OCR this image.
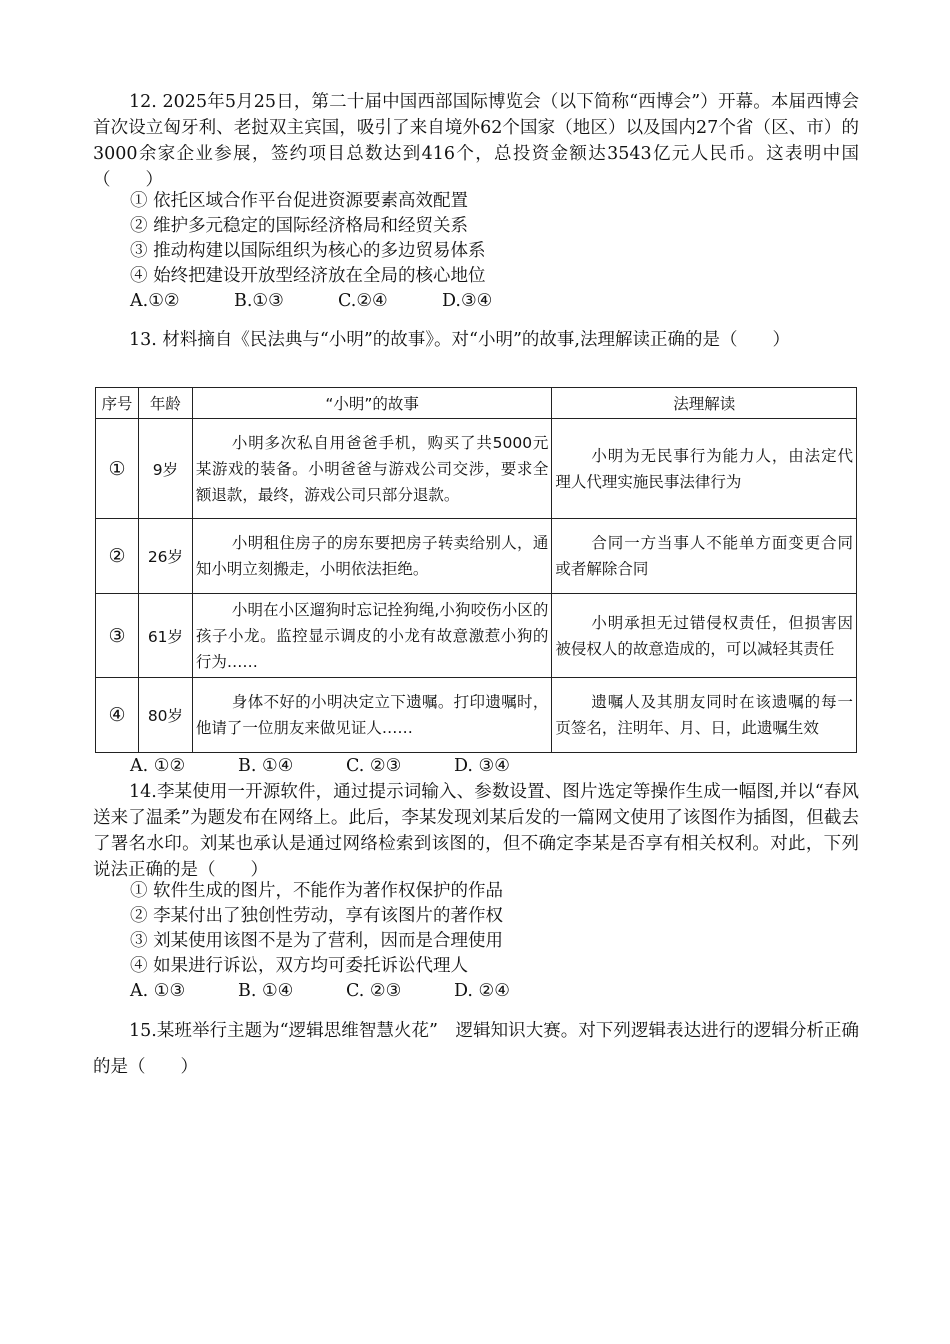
12. 2025年5月25日，第二十届中国西部国际博览会（以下简称“西博会”）开幕。本届西博会首次设立匈牙利、老挝双主宾国，吸引了来自境外62个国家（地区）以及国内27个省（区、市）的3000余家企业参展，签约项目总数达到416个，总投资金额达3543亿元人民币。这表明中国（　　）

① 依托区域合作平台促进资源要素高效配置

② 维护多元稳定的国际经济格局和经贸关系

③ 推动构建以国际组织为核心的多边贸易体系

④ 始终把建设开放型经济放在全局的核心地位

A.①②	B.①③	C.②④	D.③④

13. 材料摘自《民法典与“小明”的故事》。对“小明”的故事,法理解读正确的是（　　）

序号	年龄	“小明”的故事	法理解读
①	9岁	小明多次私自用爸爸手机，购买了共5000元某游戏的装备。小明爸爸与游戏公司交涉，要求全额退款，最终，游戏公司只部分退款。	小明为无民事行为能力人，由法定代理人代理实施民事法律行为
②	26岁	小明租住房子的房东要把房子转卖给别人，通知小明立刻搬走，小明依法拒绝。	合同一方当事人不能单方面变更合同或者解除合同
③	61岁	小明在小区遛狗时忘记拴狗绳,小狗咬伤小区的孩子小龙。监控显示调皮的小龙有故意激惹小狗的行为……	小明承担无过错侵权责任，但损害因被侵权人的故意造成的，可以减轻其责任
④	80岁	身体不好的小明决定立下遗嘱。打印遗嘱时，他请了一位朋友来做见证人……	遗嘱人及其朋友同时在该遗嘱的每一页签名，注明年、月、日，此遗嘱生效
A. ①②	B. ①④	C. ②③	D. ③④

14.李某使用一开源软件，通过提示词输入、参数设置、图片选定等操作生成一幅图,并以“春风送来了温柔”为题发布在网络上。此后，李某发现刘某后发的一篇网文使用了该图作为插图，但截去了署名水印。刘某也承认是通过网络检索到该图的，但不确定李某是否享有相关权利。对此，下列说法正确的是（　　）

① 软件生成的图片，不能作为著作权保护的作品

② 李某付出了独创性劳动，享有该图片的著作权

③ 刘某使用该图不是为了营利，因而是合理使用

④ 如果进行诉讼，双方均可委托诉讼代理人

A. ①③	B. ①④	C. ②③	D. ②④

15.某班举行主题为“逻辑思维智慧火花”　逻辑知识大赛。对下列逻辑表达进行的逻辑分析正确的是（　　）
